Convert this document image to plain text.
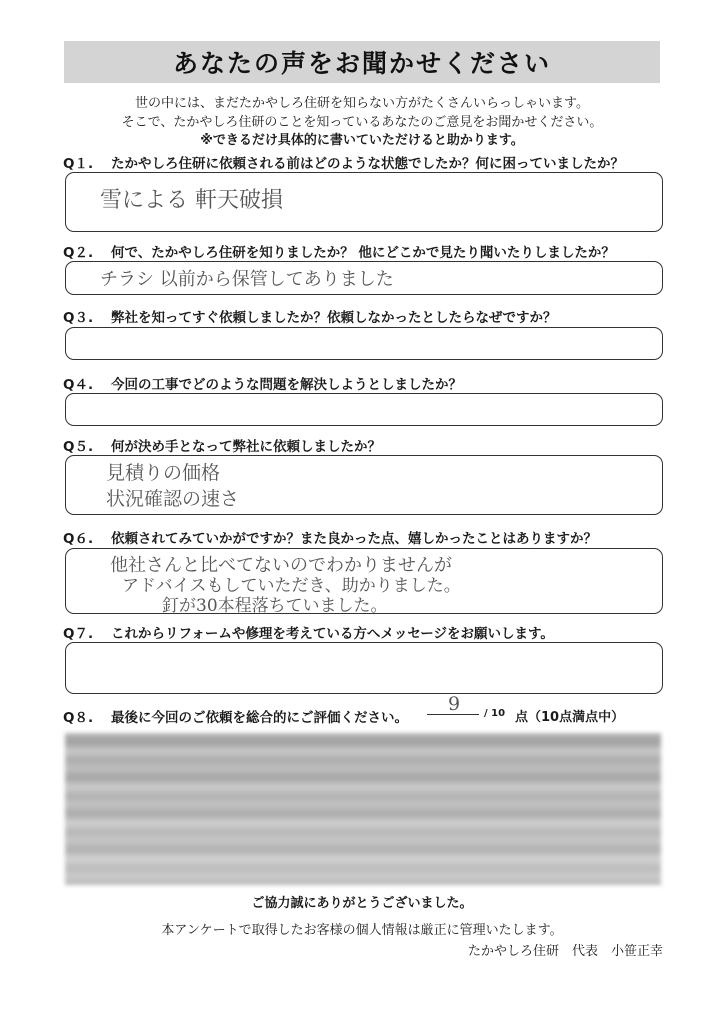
あなたの声をお聞かせください
世の中には、まだたかやしろ住研を知らない方がたくさんいらっしゃいます。
そこで、たかやしろ住研のことを知っているあなたのご意見をお聞かせください。
※できるだけ具体的に書いていただけると助かります。
Q１. たかやしろ住研に依頼される前はどのような状態でしたか？何に困っていましたか？
雪による 軒天破損
Q２. 何で、たかやしろ住研を知りましたか？ 他にどこかで見たり聞いたりしましたか？
チラシ 以前から保管してありました
Q３. 弊社を知ってすぐ依頼しましたか？依頼しなかったとしたらなぜですか？
Q４. 今回の工事でどのような問題を解決しようとしましたか？
Q５. 何が決め手となって弊社に依頼しましたか？
見積りの価格
状況確認の速さ
Q６. 依頼されてみていかがですか？また良かった点、嬉しかったことはありますか？
他社さんと比べてないのでわかりませんが
アドバイスもしていただき、助かりました。
釘が30本程落ちていました。
Q７. これからリフォームや修理を考えている方へメッセージをお願いします。
Q８. 最後に今回のご依頼を総合的にご評価ください。
9 / 10 点（10点満点中）
ご協力誠にありがとうございました。
本アンケートで取得したお客様の個人情報は厳正に管理いたします。
たかやしろ住研　代表　小笹正幸
